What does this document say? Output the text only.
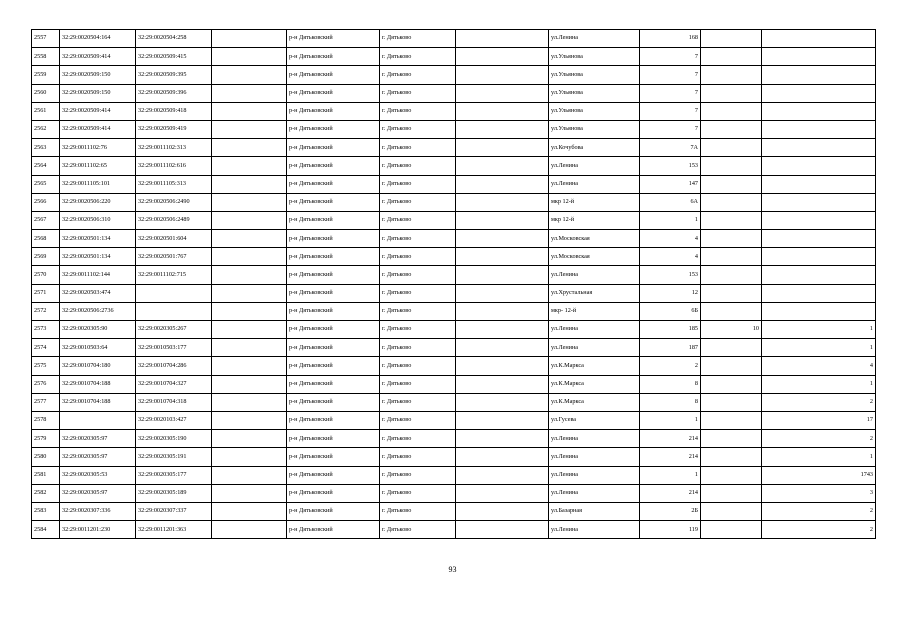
2557	32:29:0020504:164	32:29:0020504:258		р-н Дятьковский	г. Дятьково		ул.Ленина	168		
2558	32:29:0020509:414	32:29:0020509:415		р-н Дятьковский	г. Дятьково		ул.Ульянова	7		
2559	32:29:0020509:150	32:29:0020509:395		р-н Дятьковский	г. Дятьково		ул.Ульянова	7		
2560	32:29:0020509:150	32:29:0020509:396		р-н Дятьковский	г. Дятьково		ул.Ульянова	7		
2561	32:29:0020509:414	32:29:0020509:418		р-н Дятьковский	г. Дятьково		ул.Ульянова	7		
2562	32:29:0020509:414	32:29:0020509:419		р-н Дятьковский	г. Дятьково		ул.Ульянова	7		
2563	32:29:0011102:76	32:29:0011102:313		р-н Дятьковский	г. Дятьково		ул.Кочубова	7А		
2564	32:29:0011102:65	32:29:0011102:616		р-н Дятьковский	г. Дятьково		ул.Ленина	153		
2565	32:29:0011105:101	32:29:0011105:313		р-н Дятьковский	г. Дятьково		ул.Ленина	147		
2566	32:29:0020506:220	32:29:0020506:2490		р-н Дятьковский	г. Дятьково		мкр 12-й	6А		
2567	32:29:0020506:310	32:29:0020506:2489		р-н Дятьковский	г. Дятьково		мкр 12-й	1		
2568	32:29:0020501:134	32:29:0020501:604		р-н Дятьковский	г. Дятьково		ул.Московская	4		
2569	32:29:0020501:134	32:29:0020501:767		р-н Дятьковский	г. Дятьково		ул.Московская	4		
2570	32:29:0011102:144	32:29:0011102:715		р-н Дятьковский	г. Дятьково		ул.Ленина	153		
2571	32:29:0020503:474			р-н Дятьковский	г. Дятьково		ул.Хрустальная	12		
2572	32:29:0020506:2736			р-н Дятьковский	г. Дятьково		мкр- 12-й	6Б		
2573	32:29:0020305:90	32:29:0020305:267		р-н Дятьковский	г. Дятьково		ул.Ленина	185	10	1
2574	32:29:0010503:64	32:29:0010503:177		р-н Дятьковский	г. Дятьково		ул.Ленина	187		1
2575	32:29:0010704:180	32:29:0010704:286		р-н Дятьковский	г. Дятьково		ул.К.Маркса	2		4
2576	32:29:0010704:188	32:29:0010704:327		р-н Дятьковский	г. Дятьково		ул.К.Маркса	8		1
2577	32:29:0010704:188	32:29:0010704:318		р-н Дятьковский	г. Дятьково		ул.К.Маркса	8		2
2578		32:29:0020103:427		р-н Дятьковский	г. Дятьково		ул.Гусева	1		17
2579	32:29:0020305:97	32:29:0020305:190		р-н Дятьковский	г. Дятьково		ул.Ленина	214		2
2580	32:29:0020305:97	32:29:0020305:191		р-н Дятьковский	г. Дятьково		ул.Ленина	214		1
2581	32:29:0020305:53	32:29:0020305:177		р-н Дятьковский	г. Дятьково		ул.Ленина	1		1743
2582	32:29:0020305:97	32:29:0020305:189		р-н Дятьковский	г. Дятьково		ул.Ленина	214		3
2583	32:29:0020307:336	32:29:0020307:337		р-н Дятьковский	г. Дятьково		ул.Базарная	2Б		2
2584	32:29:0011201:230	32:29:0011201:363		р-н Дятьковский	г. Дятьково		ул.Ленина	119		2
93
